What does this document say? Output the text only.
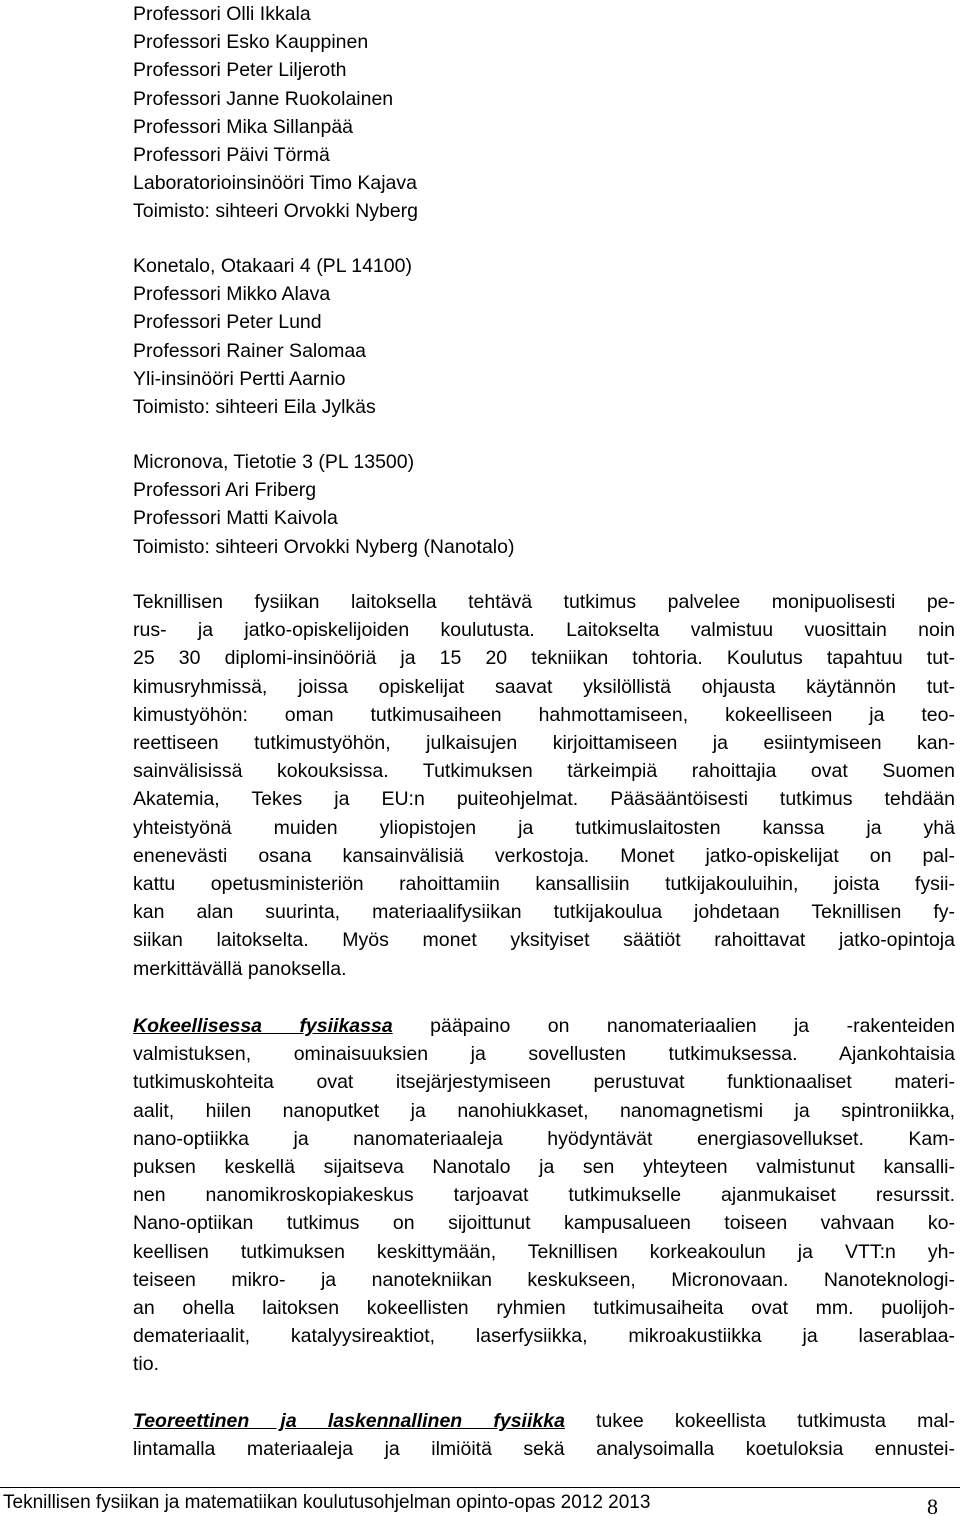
Professori Olli Ikkala
Professori Esko Kauppinen
Professori Peter Liljeroth
Professori Janne Ruokolainen
Professori Mika Sillanpää
Professori Päivi Törmä
Laboratorioinsinööri Timo Kajava
Toimisto: sihteeri Orvokki Nyberg
Konetalo, Otakaari 4 (PL 14100)
Professori Mikko Alava
Professori Peter Lund
Professori Rainer Salomaa
Yli-insinööri Pertti Aarnio
Toimisto: sihteeri Eila Jylkäs
Micronova, Tietotie 3 (PL 13500)
Professori Ari Friberg
Professori Matti Kaivola
Toimisto: sihteeri Orvokki Nyberg (Nanotalo)
Teknillisen fysiikan laitoksella tehtävä tutkimus palvelee monipuolisesti pe-
rus- ja jatko-opiskelijoiden koulutusta. Laitokselta valmistuu vuosittain noin
25 30 diplomi-insinööriä ja 15 20 tekniikan tohtoria. Koulutus tapahtuu tut-
kimusryhmissä, joissa opiskelijat saavat yksilöllistä ohjausta käytännön tut-
kimustyöhön: oman tutkimusaiheen hahmottamiseen, kokeelliseen ja teo-
reettiseen tutkimustyöhön, julkaisujen kirjoittamiseen ja esiintymiseen kan-
sainvälisissä kokouksissa. Tutkimuksen tärkeimpiä rahoittajia ovat Suomen
Akatemia, Tekes ja EU:n puiteohjelmat. Pääsääntöisesti tutkimus tehdään
yhteistyönä muiden yliopistojen ja tutkimuslaitosten kanssa ja yhä
enenevästi osana kansainvälisiä verkostoja. Monet jatko-opiskelijat on pal-
kattu opetusministeriön rahoittamiin kansallisiin tutkijakouluihin, joista fysii-
kan alan suurinta, materiaalifysiikan tutkijakoulua johdetaan Teknillisen fy-
siikan laitokselta. Myös monet yksityiset säätiöt rahoittavat jatko-opintoja
merkittävällä panoksella.
Kokeellisessa fysiikassa pääpaino on nanomateriaalien ja -rakenteiden
valmistuksen, ominaisuuksien ja sovellusten tutkimuksessa. Ajankohtaisia
tutkimuskohteita ovat itsejärjestymiseen perustuvat funktionaaliset materi-
aalit, hiilen nanoputket ja nanohiukkaset, nanomagnetismi ja spintroniikka,
nano-optiikka ja nanomateriaaleja hyödyntävät energiasovellukset. Kam-
puksen keskellä sijaitseva Nanotalo ja sen yhteyteen valmistunut kansalli-
nen nanomikroskopiakeskus tarjoavat tutkimukselle ajanmukaiset resurssit.
Nano-optiikan tutkimus on sijoittunut kampusalueen toiseen vahvaan ko-
keellisen tutkimuksen keskittymään, Teknillisen korkeakoulun ja VTT:n yh-
teiseen mikro- ja nanotekniikan keskukseen, Micronovaan. Nanoteknologi-
an ohella laitoksen kokeellisten ryhmien tutkimusaiheita ovat mm. puolijoh-
demateriaalit, katalyysireaktiot, laserfysiikka, mikroakustiikka ja laserablaa-
tio.
Teoreettinen ja laskennallinen fysiikka tukee kokeellista tutkimusta mal-
lintamalla materiaaleja ja ilmiöitä sekä analysoimalla koetuloksia ennustei-
Teknillisen fysiikan ja matematiikan koulutusohjelman opinto-opas 2012 2013	8
